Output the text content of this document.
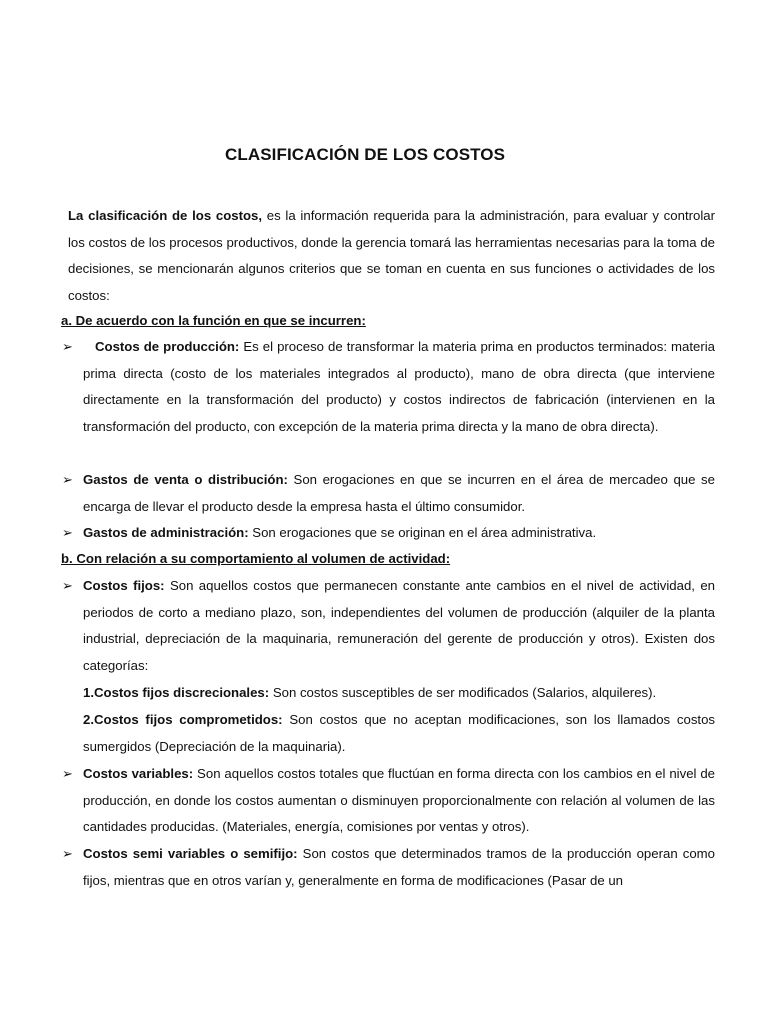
CLASIFICACIÓN DE LOS COSTOS

La clasificación de los costos, es la información requerida para la administración, para evaluar y controlar los costos de los procesos productivos, donde la gerencia tomará las herramientas necesarias para la toma de decisiones, se mencionarán algunos criterios que se toman en cuenta en sus funciones o actividades de los costos:

a. De acuerdo con la función en que se incurren:

➢	Costos de producción: Es el proceso de transformar la materia prima en productos terminados: materia prima directa (costo de los materiales integrados al producto), mano de obra directa (que interviene directamente en la transformación del producto) y costos indirectos de fabricación (intervienen en la transformación del producto, con excepción de la materia prima directa y la mano de obra directa).

➢ Gastos de venta o distribución: Son erogaciones en que se incurren en el área de mercadeo que se encarga de llevar el producto desde la empresa hasta el último consumidor.

➢ Gastos de administración: Son erogaciones que se originan en el área administrativa.

b. Con relación a su comportamiento al volumen de actividad:

➢ Costos fijos: Son aquellos costos que permanecen constante ante cambios en el nivel de actividad, en periodos de corto a mediano plazo, son, independientes del volumen de producción (alquiler de la planta industrial, depreciación de la maquinaria, remuneración del gerente de producción y otros). Existen dos categorías:

1.Costos fijos discrecionales: Son costos susceptibles de ser modificados (Salarios, alquileres).

2.Costos fijos comprometidos: Son costos que no aceptan modificaciones, son los llamados costos sumergidos (Depreciación de la maquinaria).

➢ Costos variables: Son aquellos costos totales que fluctúan en forma directa con los cambios en el nivel de producción, en donde los costos aumentan o disminuyen proporcionalmente con relación al volumen de las cantidades producidas. (Materiales, energía, comisiones por ventas y otros).

➢ Costos semi variables o semifijo: Son costos que determinados tramos de la producción operan como fijos, mientras que en otros varían y, generalmente en forma de modificaciones (Pasar de un
